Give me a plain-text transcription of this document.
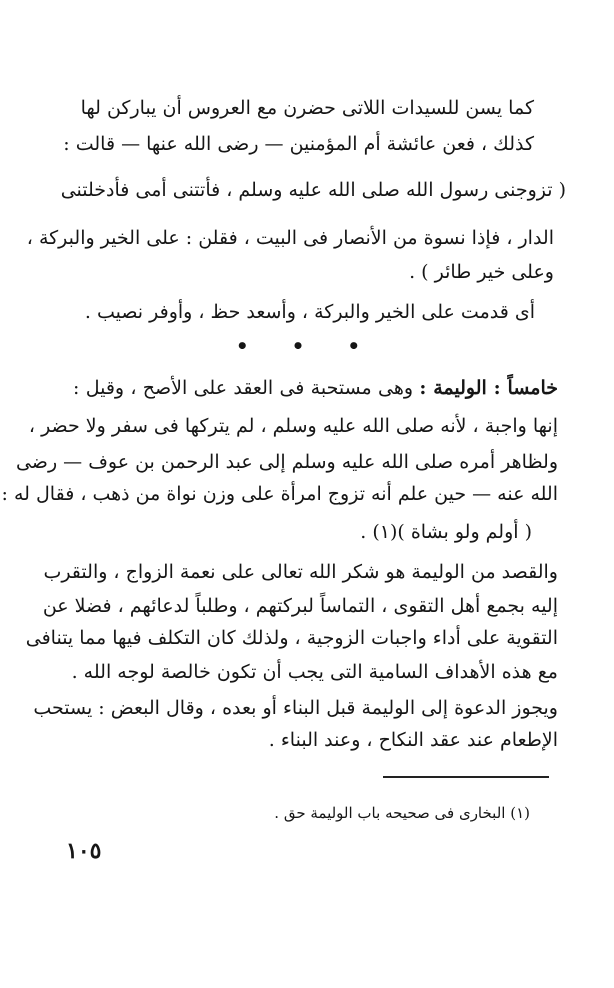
كما يسن للسيدات اللاتى حضرن مع العروس أن يباركن لها
كذلك ، فعن عائشة أم المؤمنين — رضى الله عنها — قالت :
( تزوجنى رسول الله صلى الله عليه وسلم ، فأتتنى أمى فأدخلتنى
الدار ، فإذا نسوة من الأنصار فى البيت ، فقلن : على الخير والبركة ،
وعلى خير طائر ) .
أى قدمت على الخير والبركة ، وأسعد حظ ، وأوفر نصيب .
• • •
خامساً : الوليمة : وهى مستحبة فى العقد على الأصح ، وقيل :
إنها واجبة ، لأنه صلى الله عليه وسلم ، لم يتركها فى سفر ولا حضر ،
ولظاهر أمره صلى الله عليه وسلم إلى عبد الرحمن بن عوف — رضى
الله عنه — حين علم أنه تزوج امرأة على وزن نواة من ذهب ، فقال له :
( أولم ولو بشاة )(١) .
والقصد من الوليمة هو شكر الله تعالى على نعمة الزواج ، والتقرب
إليه بجمع أهل التقوى ، التماساً لبركتهم ، وطلباً لدعائهم ، فضلا عن
التقوية على أداء واجبات الزوجية ، ولذلك كان التكلف فيها مما يتنافى
مع هذه الأهداف السامية التى يجب أن تكون خالصة لوجه الله .
ويجوز الدعوة إلى الوليمة قبل البناء أو بعده ، وقال البعض : يستحب
الإطعام عند عقد النكاح ، وعند البناء .
(١) البخارى فى صحيحه باب الوليمة حق .
١٠٥
